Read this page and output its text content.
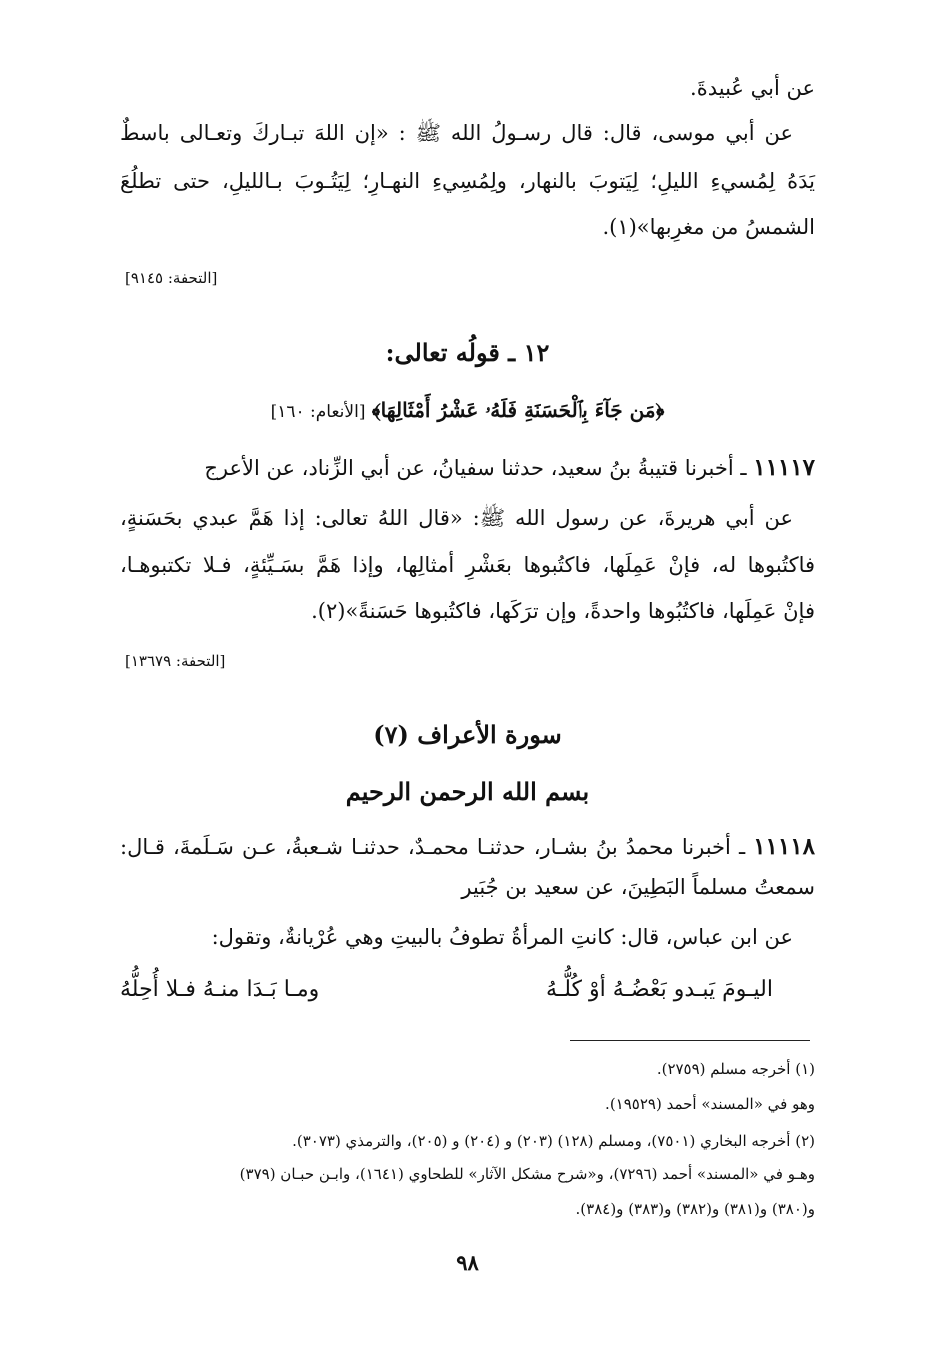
عن أبي عُبيدةَ.
عن أبي موسى، قال: قال رسـولُ الله ﷺ : «إن اللهَ تبـاركَ وتعـالى باسطٌ
يَدَهُ لِمُسيءِ الليلِ؛ لِيَتوبَ بالنهار، ولِمُسِيءِ النهـارِ؛ لِيَتُـوبَ بـالليلِ، حتى تطلُعَ
الشمسُ من مغرِبها»(١).
[التحفة: ٩١٤٥]
١٢ ـ قولُه تعالى:
﴿مَن جَآءَ بِٱلْحَسَنَةِ فَلَهُۥ عَشْرُ أَمْثَالِهَا﴾ [الأنعام: ١٦٠]
١١١١٧ ـ أخبرنا قتيبةُ بنُ سعيد، حدثنا سفيانُ، عن أبي الزِّناد، عن الأعرج
عن أبي هريرةَ، عن رسول الله ﷺ: «قال اللهُ تعالى: إذا هَمَّ عبدي بحَسَنةٍ،
فاكتُبوها له، فإنْ عَمِلَها، فاكتُبوها بعَشْرِ أمثالِها، وإذا هَمَّ بسَـيِّئةٍ، فـلا تكتبوهـا،
فإنْ عَمِلَها، فاكتُبُوها واحدةً، وإن ترَكَها، فاكتُبوها حَسَنةً»(٢).
[التحفة: ١٣٦٧٩]
سورة الأعراف (٧)
بسم الله الرحمن الرحيم
١١١١٨ ـ أخبرنا محمدُ بنُ بشـار، حدثنـا محمـدٌ، حدثنـا شـعبةُ، عـن سَـلَمةَ، قـال:
سمعتُ مسلماً البَطِينَ، عن سعيد بن جُبَير
عن ابن عباس، قال: كانتِ المرأةُ تطوفُ بالبيتِ وهي عُرْيانةٌ، وتقول:
اليـومَ يَبـدو بَعْضُـهُ أوْ كُلُّـهُ
ومـا بَـدَا منـهُ فـلا أُحِلُّهُ
(١) أخرجه مسلم (٢٧٥٩).
وهو في «المسند» أحمد (١٩٥٢٩).
(٢) أخرجه البخاري (٧٥٠١)، ومسلم (١٢٨) (٢٠٣) و (٢٠٤) و (٢٠٥)، والترمذي (٣٠٧٣).
وهـو في «المسند» أحمد (٧٢٩٦)، و«شرح مشكل الآثار» للطحاوي (١٦٤١)، وابـن حبـان (٣٧٩)
و(٣٨٠) و(٣٨١) و(٣٨٢) و(٣٨٣) و(٣٨٤).
٩٨
